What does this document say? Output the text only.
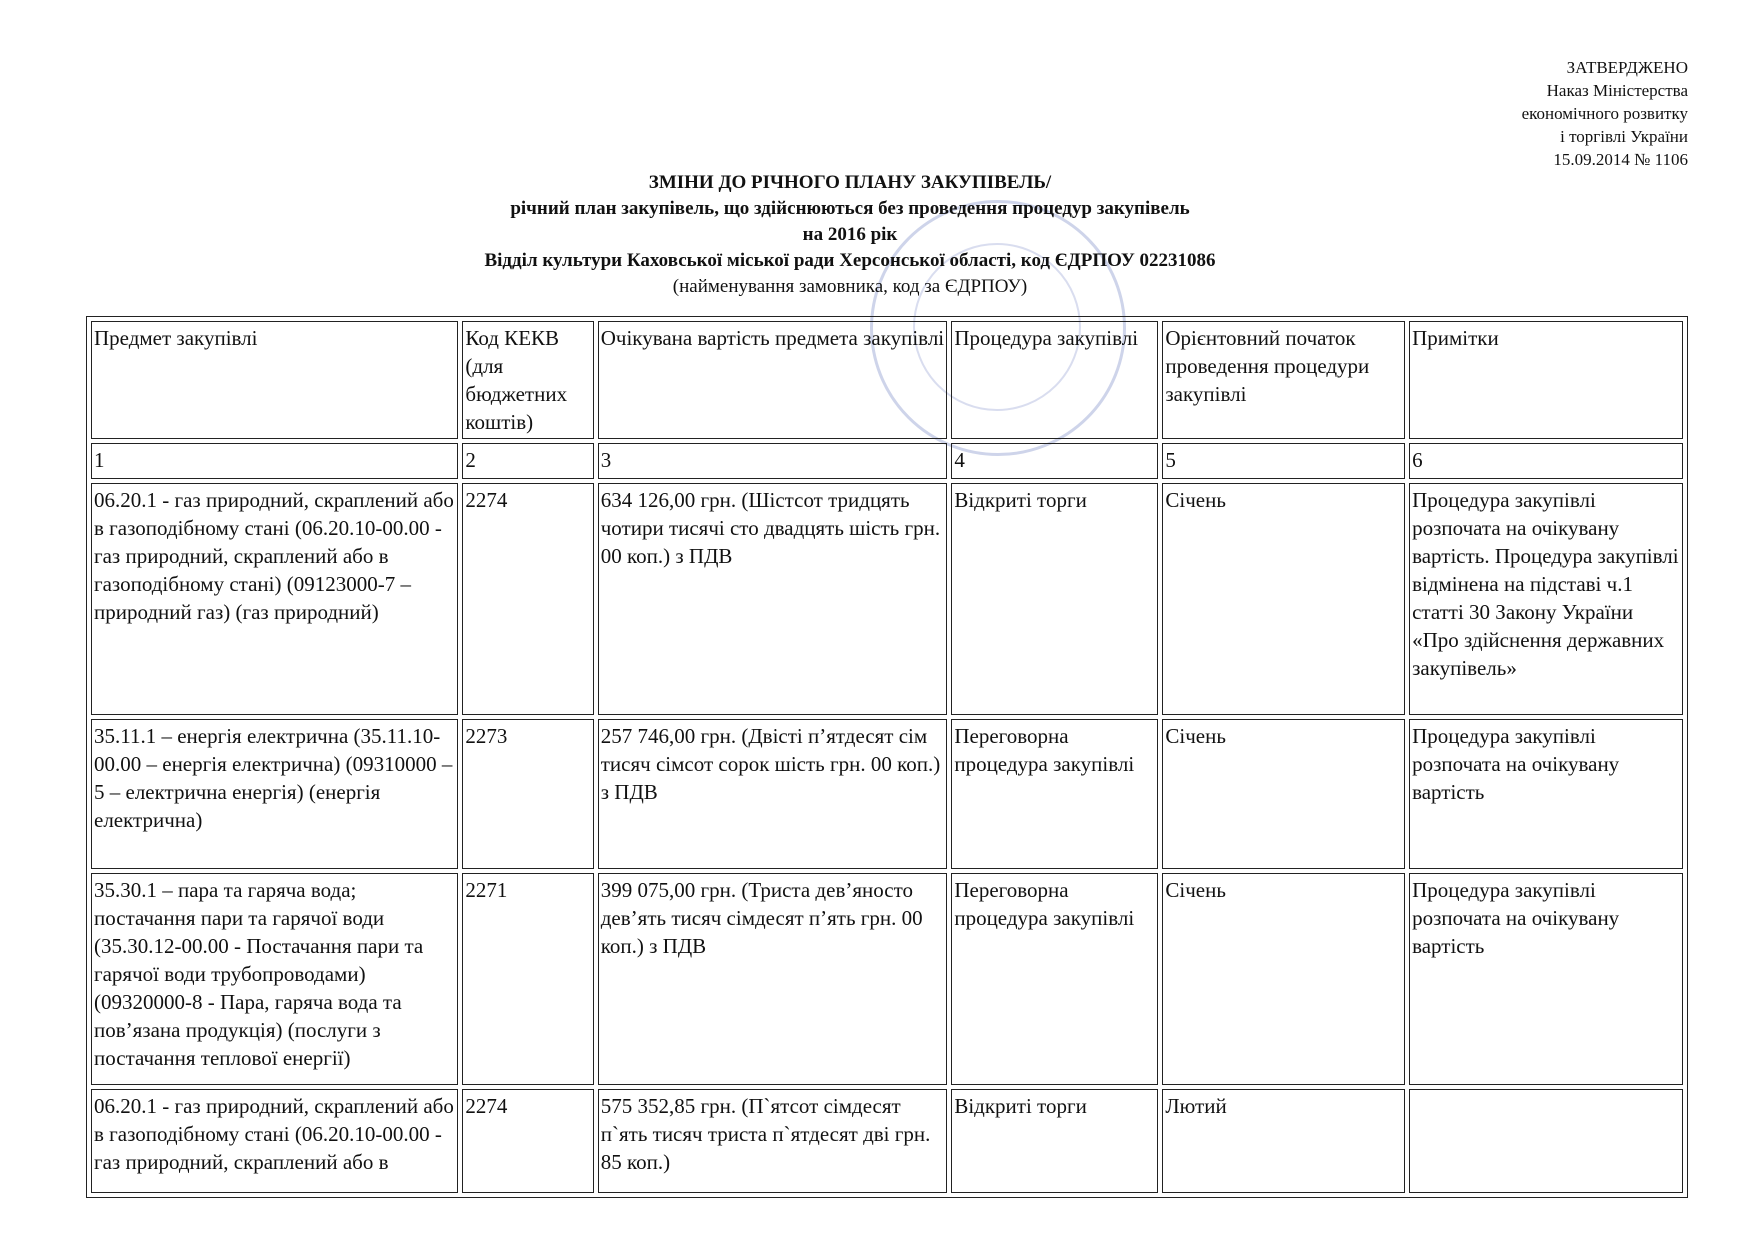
ЗАТВЕРДЖЕНО
Наказ Міністерства
економічного розвитку
і торгівлі України
15.09.2014 № 1106
ЗМІНИ ДО РІЧНОГО ПЛАНУ ЗАКУПІВЕЛЬ/
річний план закупівель, що здійснюються без проведення процедур закупівель
на 2016 рік
Відділ культури Каховської міської ради Херсонської області, код ЄДРПОУ 02231086
(найменування замовника, код за ЄДРПОУ)
Предмет закупівлі	Код КЕКВ (для бюджетних коштів)	Очікувана вартість предмета закупівлі	Процедура закупівлі	Орієнтовний початок проведення процедури закупівлі	Примітки
1	2	3	4	5	6
06.20.1 - газ природний, скраплений або в газоподібному стані (06.20.10-00.00 - газ природний, скраплений або в газоподібному стані) (09123000-7 – природний газ) (газ природний)	2274	634 126,00 грн. (Шістсот тридцять чотири тисячі сто двадцять шість грн. 00 коп.) з ПДВ	Відкриті торги	Січень	Процедура закупівлі розпочата на очікувану вартість. Процедура закупівлі відмінена на підставі ч.1 статті 30 Закону України «Про здійснення державних закупівель»
35.11.1 – енергія електрична (35.11.10-00.00 – енергія електрична) (09310000 – 5 – електрична енергія) (енергія електрична)	2273	257 746,00 грн. (Двісті п’ятдесят сім тисяч сімсот сорок шість грн. 00 коп.) з ПДВ	Переговорна процедура закупівлі	Січень	Процедура закупівлі розпочата на очікувану вартість
35.30.1 – пара та гаряча вода; постачання пари та гарячої води (35.30.12-00.00 - Постачання пари та гарячої води трубопроводами) (09320000-8 - Пара, гаряча вода та пов’язана продукція) (послуги з постачання теплової енергії)	2271	399 075,00 грн. (Триста дев’яносто дев’ять тисяч сімдесят п’ять грн. 00 коп.) з ПДВ	Переговорна процедура закупівлі	Січень	Процедура закупівлі розпочата на очікувану вартість
06.20.1 - газ природний, скраплений або в газоподібному стані (06.20.10-00.00 - газ природний, скраплений або в	2274	575 352,85 грн. (П`ятсот сімдесят п`ять тисяч триста п`ятдесят дві грн. 85 коп.)	Відкриті торги	Лютий	
